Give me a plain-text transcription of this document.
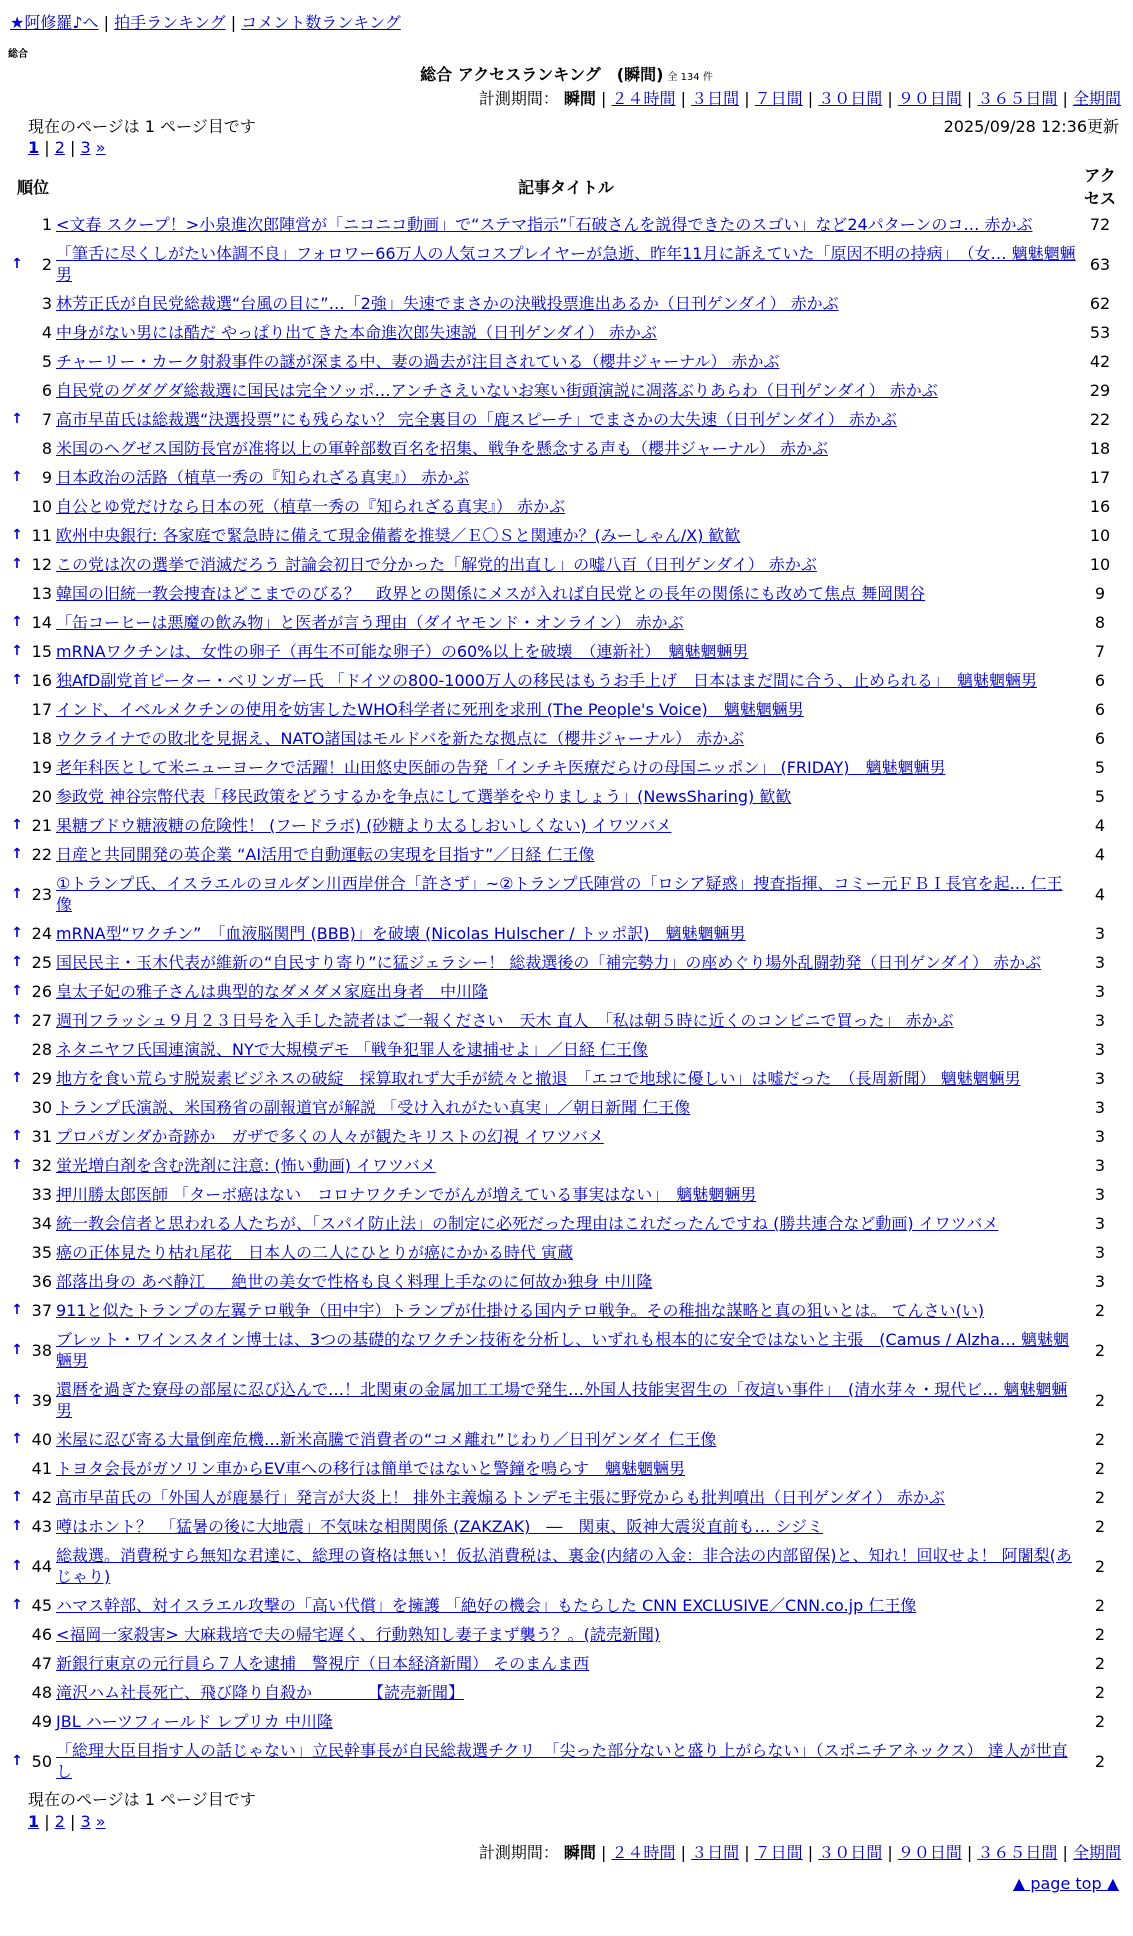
★阿修羅♪へ | 拍手ランキング | コメント数ランキング
総合
総合 アクセスランキング　(瞬間) 全 134 件
計測期間： 瞬間 | ２４時間 | ３日間 | ７日間 | ３０日間 | ９０日間 | ３６５日間 | 全期間
現在のページは 1 ページ目です	2025/09/28 12:36更新
1 | 2 | 3 »
順位		記事タイトル	アクセス
	1	<文春 スクープ！>小泉進次郎陣営が「ニコニコ動画」で“ステマ指示”「石破さんを説得できたのスゴい」など24パターンのコ… 赤かぶ	72
↑	2	「筆舌に尽くしがたい体調不良」フォロワー66万人の人気コスプレイヤーが急逝、昨年11月に訴えていた「原因不明の持病」　（女… 魑魅魍魎男	63
	3	林芳正氏が自民党総裁選“台風の目に”…「2強」失速でまさかの決戦投票進出あるか（日刊ゲンダイ） 赤かぶ	62
	4	中身がない男には酷だ やっぱり出てきた本命進次郎失速説（日刊ゲンダイ） 赤かぶ	53
	5	チャーリー・カーク射殺事件の謎が深まる中、妻の過去が注目されている（櫻井ジャーナル） 赤かぶ	42
	6	自民党のグダグダ総裁選に国民は完全ソッポ…アンチさえいないお寒い街頭演説に凋落ぶりあらわ（日刊ゲンダイ） 赤かぶ	29
↑	7	高市早苗氏は総裁選“決選投票”にも残らない？ 完全裏目の「鹿スピーチ」でまさかの大失速（日刊ゲンダイ） 赤かぶ	22
	8	米国のヘグゼス国防長官が准将以上の軍幹部数百名を招集、戦争を懸念する声も（櫻井ジャーナル） 赤かぶ	18
↑	9	日本政治の活路（植草一秀の『知られざる真実』） 赤かぶ	17
	10	自公とゆ党だけなら日本の死（植草一秀の『知られざる真実』） 赤かぶ	16
↑	11	欧州中央銀行: 各家庭で緊急時に備えて現金備蓄を推奨／Ｅ〇Ｓと関連か？(みーしゃん/X) 歓歓	10
↑	12	この党は次の選挙で消滅だろう 討論会初日で分かった「解党的出直し」の嘘八百（日刊ゲンダイ） 赤かぶ	10
	13	韓国の旧統一教会捜査はどこまでのびる？　政界との関係にメスが入れば自民党との長年の関係にも改めて焦点 舞岡関谷	9
↑	14	「缶コーヒーは悪魔の飲み物」と医者が言う理由（ダイヤモンド・オンライン） 赤かぶ	8
↑	15	mRNAワクチンは、女性の卵子（再生不可能な卵子）の60%以上を破壊　（連新社）　魑魅魍魎男	7
↑	16	独AfD副党首ピーター・ベリンガー氏 「ドイツの800-1000万人の移民はもうお手上げ　日本はまだ間に合う、止められる」　魑魅魍魎男	6
	17	インド、イベルメクチンの使用を妨害したWHO科学者に死刑を求刑 (The People's Voice)　魑魅魍魎男	6
	18	ウクライナでの敗北を見据え、NATO諸国はモルドバを新たな拠点に（櫻井ジャーナル） 赤かぶ	6
	19	老年科医として米ニューヨークで活躍！山田悠史医師の告発「インチキ医療だらけの母国ニッポン」 (FRIDAY)　魑魅魍魎男	5
	20	参政党 神谷宗幣代表「移民政策をどうするかを争点にして選挙をやりましょう」(NewsSharing) 歓歓	5
↑	21	果糖ブドウ糖液糖の危険性！ (フードラボ) (砂糖より太るしおいしくない) イワツバメ	4
↑	22	日産と共同開発の英企業 “AI活用で自動運転の実現を目指す”／日経 仁王像	4
↑	23	①トランプ氏、イスラエルのヨルダン川西岸併合「許さず」~②トランプ氏陣営の「ロシア疑惑」捜査指揮、コミー元ＦＢＩ長官を起… 仁王像	4
↑	24	mRNA型“ワクチン”　「血液脳関門 (BBB)」を破壊 (Nicolas Hulscher / トッポ訳)　魑魅魍魎男	3
↑	25	国民民主・玉木代表が維新の“自民すり寄り”に猛ジェラシー！ 総裁選後の「補完勢力」の座めぐり場外乱闘勃発（日刊ゲンダイ） 赤かぶ	3
↑	26	皇太子妃の雅子さんは典型的なダメダメ家庭出身者　中川隆	3
↑	27	週刊フラッシュ９月２３日号を入手した読者はご一報ください　天木 直人　「私は朝５時に近くのコンビニで買った」 赤かぶ	3
	28	ネタニヤフ氏国連演説、NYで大規模デモ 「戦争犯罪人を逮捕せよ」／日経 仁王像	3
↑	29	地方を食い荒らす脱炭素ビジネスの破綻　採算取れず大手が続々と撤退　「エコで地球に優しい」は嘘だった　（長周新聞） 魑魅魍魎男	3
	30	トランプ氏演説、米国務省の副報道官が解説 「受け入れがたい真実」／朝日新聞 仁王像	3
↑	31	プロパガンダか奇跡か　ガザで多くの人々が観たキリストの幻視 イワツバメ	3
↑	32	蛍光増白剤を含む洗剤に注意: (怖い動画) イワツバメ	3
	33	押川勝太郎医師 「ターボ癌はない　コロナワクチンでがんが増えている事実はない」　魑魅魍魎男	3
	34	統一教会信者と思われる人たちが、「スパイ防止法」の制定に必死だった理由はこれだったんですね (勝共連合など動画) イワツバメ	3
	35	癌の正体見たり枯れ尾花　日本人の二人にひとりが癌にかかる時代 寅蔵	3
	36	部落出身の あべ静江 ＿ 絶世の美女で性格も良く料理上手なのに何故か独身 中川隆	3
↑	37	911と似たトランプの左翼テロ戦争（田中宇）トランプが仕掛ける国内テロ戦争。その稚拙な謀略と真の狙いとは。 てんさい(い)	2
↑	38	ブレット・ワインスタイン博士は、3つの基礎的なワクチン技術を分析し、いずれも根本的に安全ではないと主張　(Camus / Alzha… 魑魅魍魎男	2
↑	39	還暦を過ぎた寮母の部屋に忍び込んで…！北関東の金属加工工場で発生…外国人技能実習生の「夜這い事件」　(清水芽々・現代ビ… 魑魅魍魎男	2
↑	40	米屋に忍び寄る大量倒産危機…新米高騰で消費者の“コメ離れ”じわり／日刊ゲンダイ 仁王像	2
	41	トヨタ会長がガソリン車からEV車への移行は簡単ではないと警鐘を鳴らす　魑魅魍魎男	2
↑	42	高市早苗氏の「外国人が鹿暴行」発言が大炎上！ 排外主義煽るトンデモ主張に野党からも批判噴出（日刊ゲンダイ） 赤かぶ	2
↑	43	噂はホント？　「猛暑の後に大地震」不気味な相関関係 (ZAKZAK)　―　関東、阪神大震災直前も… シジミ	2
↑	44	総裁選。消費税すら無知な君達に、総理の資格は無い！仮払消費税は、裏金(内緒の入金：非合法の内部留保)と、知れ！回収せよ！ 阿闍梨(あじゃり)	2
↑	45	ハマス幹部、対イスラエル攻撃の「高い代償」を擁護 「絶好の機会」もたらした CNN EXCLUSIVE／CNN.co.jp 仁王像	2
	46	<福岡一家殺害> 大麻栽培で夫の帰宅遅く、行動熟知し妻子まず襲う？。(読売新聞)	2
	47	新銀行東京の元行員ら７人を逮捕　警視庁（日本経済新聞） そのまんま西	2
	48	滝沢ハム社長死亡、飛び降り自殺か　　　　【読売新聞】	2
	49	JBL ハーツフィールド レプリカ 中川隆	2
↑	50	「総理大臣目指す人の話じゃない」立民幹事長が自民総裁選チクリ　「尖った部分ないと盛り上がらない」（スポニチアネックス） 達人が世直し	2
現在のページは 1 ページ目です
1 | 2 | 3 »
計測期間： 瞬間 | ２４時間 | ３日間 | ７日間 | ３０日間 | ９０日間 | ３６５日間 | 全期間
▲ page top ▲
